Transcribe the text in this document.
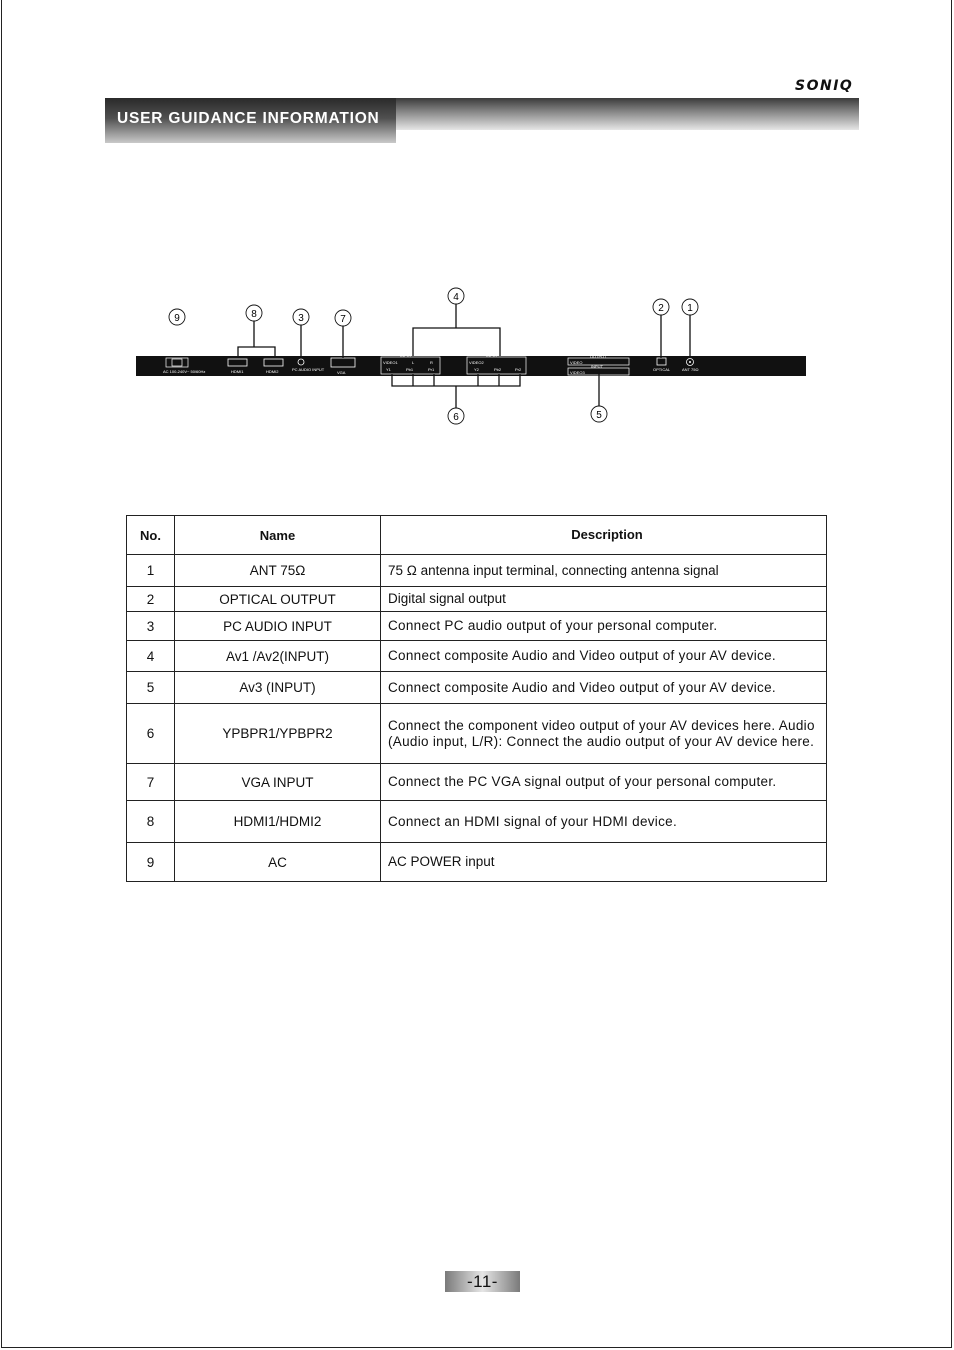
SONIQ
USER GUIDANCE INFORMATION
AC 100-240V~ 50/60Hz	HDMI1	HDMI2	PC AUDIO INPUT
VGA
INPUT
VIDEO1	L	R
Y1	Pb1	Pr1
INPUT
VIDEO2
Y2	Pb2	Pr2
OUTPUT
VIDEO
INPUT
VIDEO3
OPTICAL	ANT 75Ω
1
2
3
4
5
6
7
8
9
No.	Name	Description
1	ANT 75Ω	75 Ω antenna input terminal, connecting antenna signal
2	OPTICAL OUTPUT	Digital signal output
3	PC AUDIO INPUT	Connect PC audio output of your personal computer.
4	Av1 /Av2(INPUT)	Connect composite Audio and Video output of your AV device.
5	Av3 (INPUT)	Connect composite Audio and Video output of your AV device.
6	YPBPR1/YPBPR2	Connect the component video output of your AV devices here. Audio (Audio input, L/R): Connect the audio output of your AV device here.
7	VGA INPUT	Connect the PC VGA signal output of your personal computer.
8	HDMI1/HDMI2	Connect an HDMI signal of your HDMI device.
9	AC	AC POWER input
-11-
